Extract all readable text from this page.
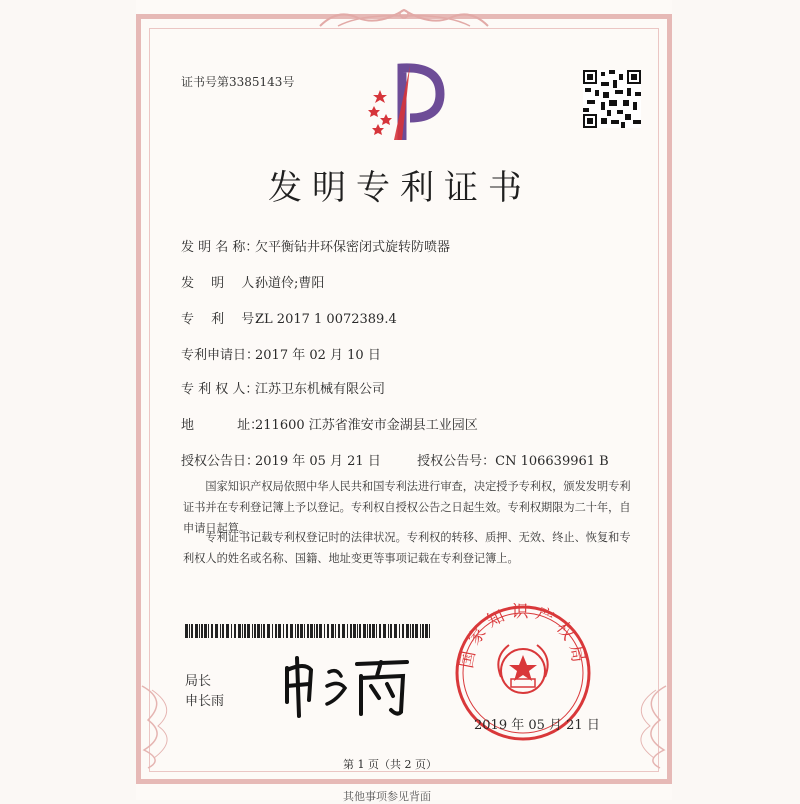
证书号第3385143号
发明专利证书
发 明 名 称：欠平衡钻井环保密闭式旋转防喷器
发　 明　 人：孙道伶;曹阳
专　 利　 号：ZL 2017 1 0072389.4
专利申请日：2017 年 02 月 10 日
专 利 权 人：江苏卫东机械有限公司
地　　　 址：211600 江苏省淮安市金湖县工业园区
授权公告日：2019 年 05 月 21 日	授权公告号：CN 106639961 B
国家知识产权局依照中华人民共和国专利法进行审查，决定授予专利权，颁发发明专利证书并在专利登记簿上予以登记。专利权自授权公告之日起生效。专利权期限为二十年，自申请日起算。
专利证书记载专利权登记时的法律状况。专利权的转移、质押、无效、终止、恢复和专利权人的姓名或名称、国籍、地址变更等事项记载在专利登记簿上。
局长
申长雨
国家知识产权局
2019 年 05 月 21 日
第 1 页（共 2 页）
其他事项参见背面
